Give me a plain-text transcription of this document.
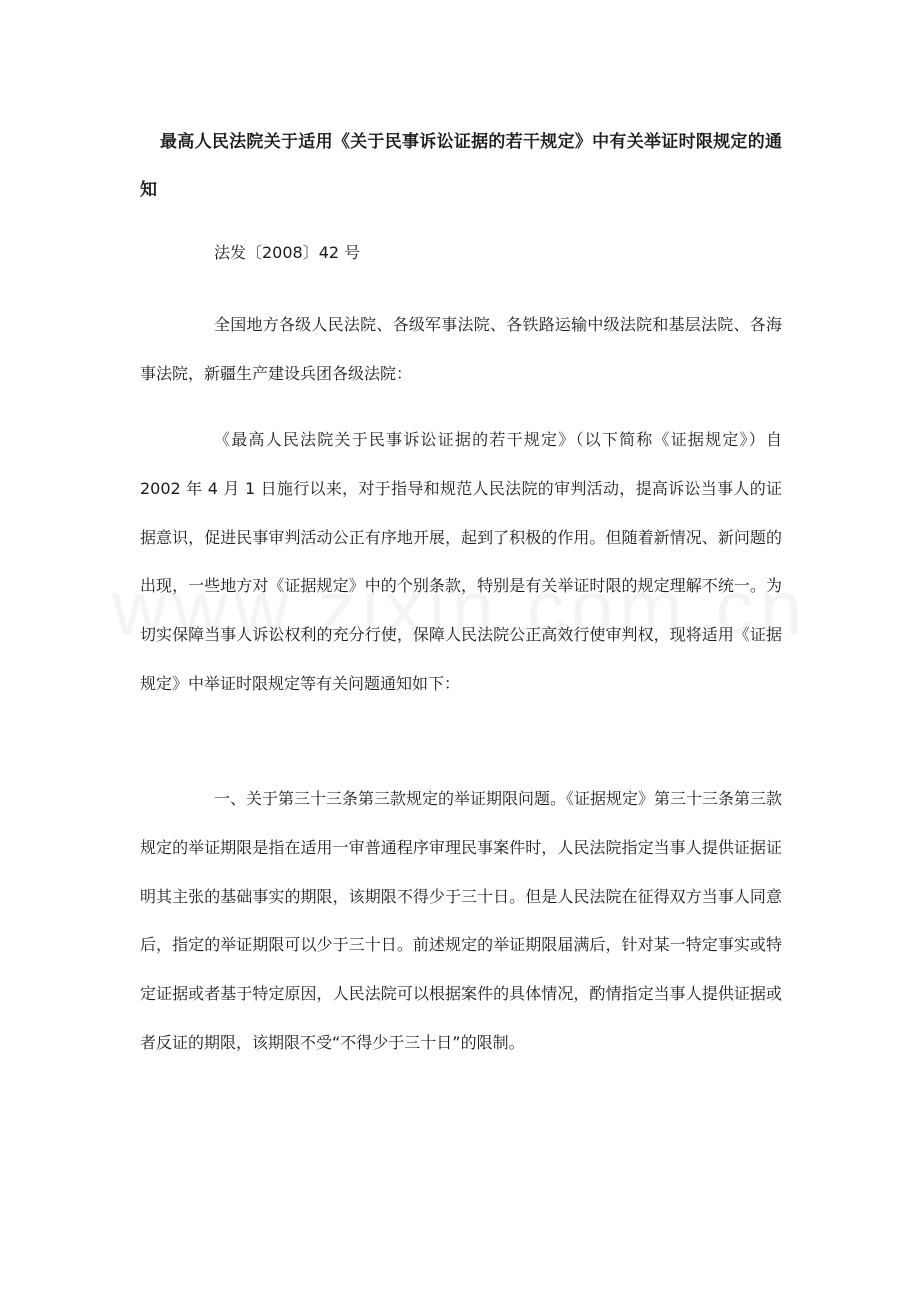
最高人民法院关于适用《关于民事诉讼证据的若干规定》中有关举证时限规定的通知

法发〔2008〕42 号

全国地方各级人民法院、各级军事法院、各铁路运输中级法院和基层法院、各海事法院，新疆生产建设兵团各级法院：

《最高人民法院关于民事诉讼证据的若干规定》（以下简称《证据规定》）自 2002 年 4 月 1 日施行以来，对于指导和规范人民法院的审判活动，提高诉讼当事人的证据意识，促进民事审判活动公正有序地开展，起到了积极的作用。但随着新情况、新问题的出现，一些地方对《证据规定》中的个别条款，特别是有关举证时限的规定理解不统一。为切实保障当事人诉讼权利的充分行使，保障人民法院公正高效行使审判权，现将适用《证据规定》中举证时限规定等有关问题通知如下：

一、关于第三十三条第三款规定的举证期限问题。《证据规定》第三十三条第三款规定的举证期限是指在适用一审普通程序审理民事案件时，人民法院指定当事人提供证据证明其主张的基础事实的期限，该期限不得少于三十日。但是人民法院在征得双方当事人同意后，指定的举证期限可以少于三十日。前述规定的举证期限届满后，针对某一特定事实或特定证据或者基于特定原因，人民法院可以根据案件的具体情况，酌情指定当事人提供证据或者反证的期限，该期限不受“不得少于三十日”的限制。
